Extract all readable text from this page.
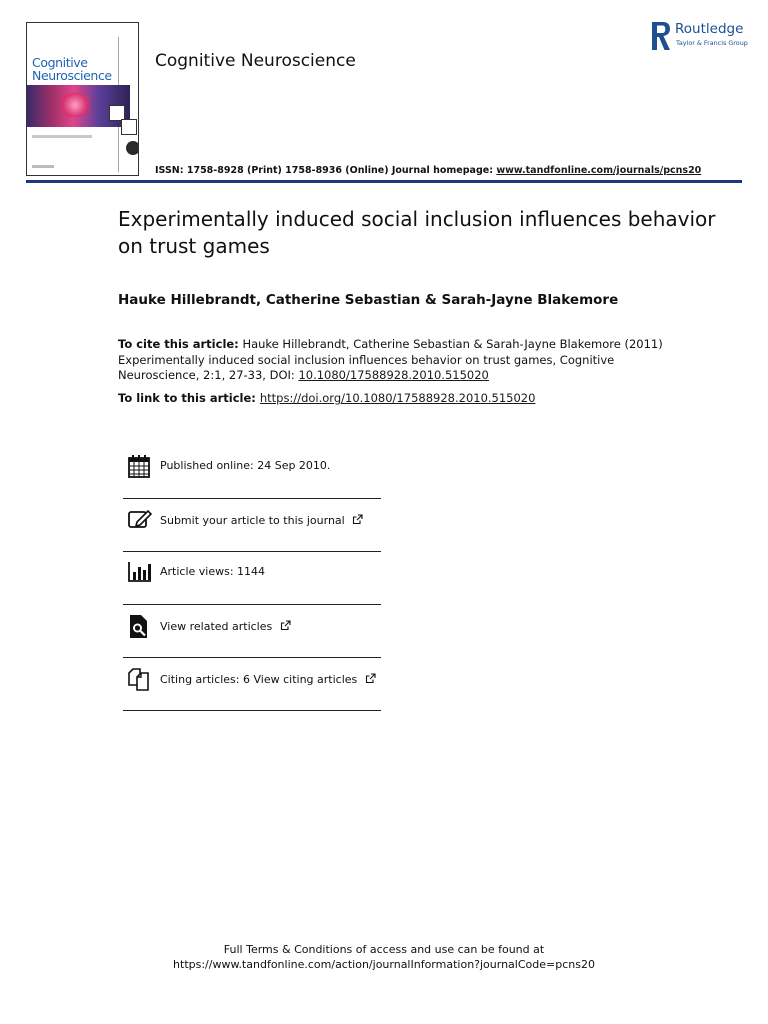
Cognitive
Neuroscience
Cognitive Neuroscience
ISSN: 1758-8928 (Print) 1758-8936 (Online) Journal homepage: www.tandfonline.com/journals/pcns20
Routledge
Taylor & Francis Group
Experimentally induced social inclusion influences behavior on trust games
Hauke Hillebrandt, Catherine Sebastian & Sarah-Jayne Blakemore
To cite this article: Hauke Hillebrandt, Catherine Sebastian & Sarah-Jayne Blakemore (2011) Experimentally induced social inclusion influences behavior on trust games, Cognitive Neuroscience, 2:1, 27-33, DOI: 10.1080/17588928.2010.515020
To link to this article: https://doi.org/10.1080/17588928.2010.515020
Published online: 24 Sep 2010.
Submit your article to this journal
Article views: 1144
View related articles
Citing articles: 6 View citing articles
Full Terms & Conditions of access and use can be found at
https://www.tandfonline.com/action/journalInformation?journalCode=pcns20
